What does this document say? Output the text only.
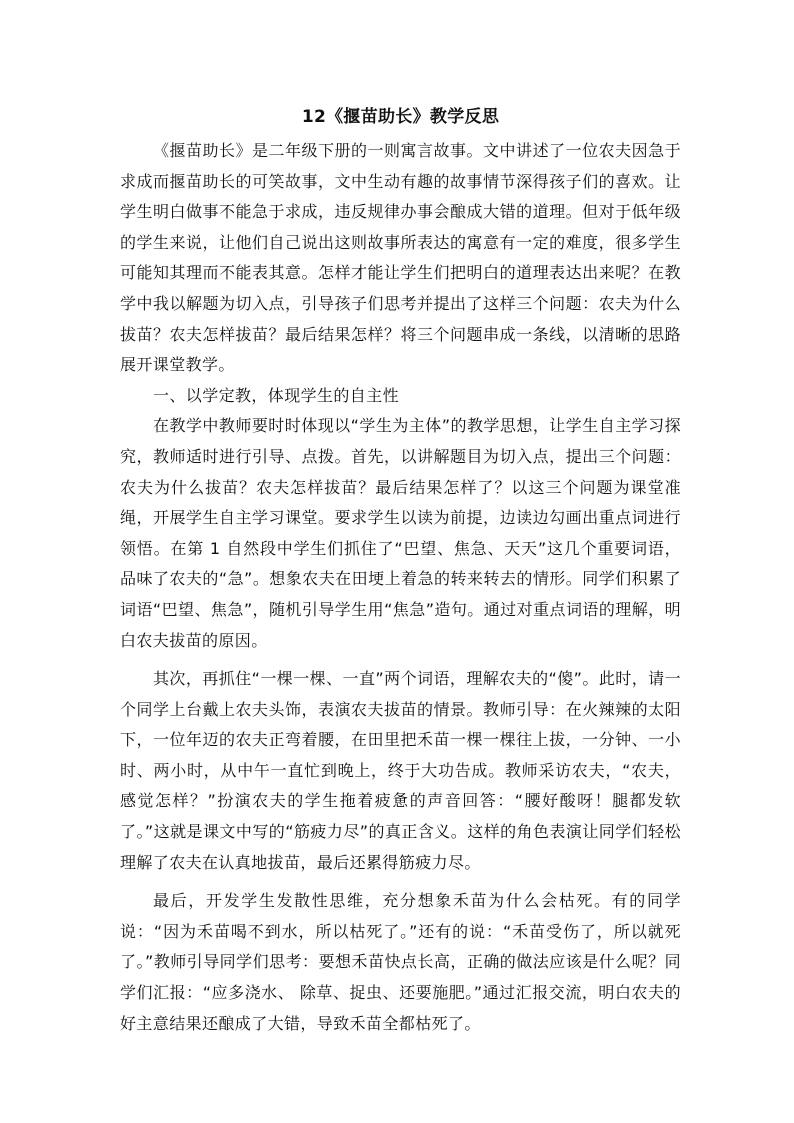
12《揠苗助长》教学反思

《揠苗助长》是二年级下册的一则寓言故事。文中讲述了一位农夫因急于求成而揠苗助长的可笑故事，文中生动有趣的故事情节深得孩子们的喜欢。让学生明白做事不能急于求成，违反规律办事会酿成大错的道理。但对于低年级的学生来说，让他们自己说出这则故事所表达的寓意有一定的难度，很多学生可能知其理而不能表其意。怎样才能让学生们把明白的道理表达出来呢？在教学中我以解题为切入点，引导孩子们思考并提出了这样三个问题：农夫为什么拔苗？农夫怎样拔苗？最后结果怎样？将三个问题串成一条线，以清晰的思路展开课堂教学。

一、以学定教，体现学生的自主性

在教学中教师要时时体现以“学生为主体”的教学思想，让学生自主学习探究，教师适时进行引导、点拨。首先，以讲解题目为切入点，提出三个问题：农夫为什么拔苗？农夫怎样拔苗？最后结果怎样了？以这三个问题为课堂准绳，开展学生自主学习课堂。要求学生以读为前提，边读边勾画出重点词进行领悟。在第 1 自然段中学生们抓住了“巴望、焦急、天天”这几个重要词语，品味了农夫的“急”。想象农夫在田埂上着急的转来转去的情形。同学们积累了词语“巴望、焦急”，随机引导学生用“焦急”造句。通过对重点词语的理解，明白农夫拔苗的原因。

其次，再抓住“一棵一棵、一直”两个词语，理解农夫的“傻”。此时，请一个同学上台戴上农夫头饰，表演农夫拔苗的情景。教师引导：在火辣辣的太阳下，一位年迈的农夫正弯着腰，在田里把禾苗一棵一棵往上拔，一分钟、一小时、两小时，从中午一直忙到晚上，终于大功告成。教师采访农夫，“农夫，感觉怎样？”扮演农夫的学生拖着疲惫的声音回答：“腰好酸呀！腿都发软了。”这就是课文中写的“筋疲力尽”的真正含义。这样的角色表演让同学们轻松理解了农夫在认真地拔苗，最后还累得筋疲力尽。

最后，开发学生发散性思维，充分想象禾苗为什么会枯死。有的同学说：“因为禾苗喝不到水，所以枯死了。”还有的说：“禾苗受伤了，所以就死了。”教师引导同学们思考：要想禾苗快点长高，正确的做法应该是什么呢？同学们汇报：“应多浇水、 除草、捉虫、还要施肥。”通过汇报交流，明白农夫的好主意结果还酿成了大错，导致禾苗全都枯死了。
